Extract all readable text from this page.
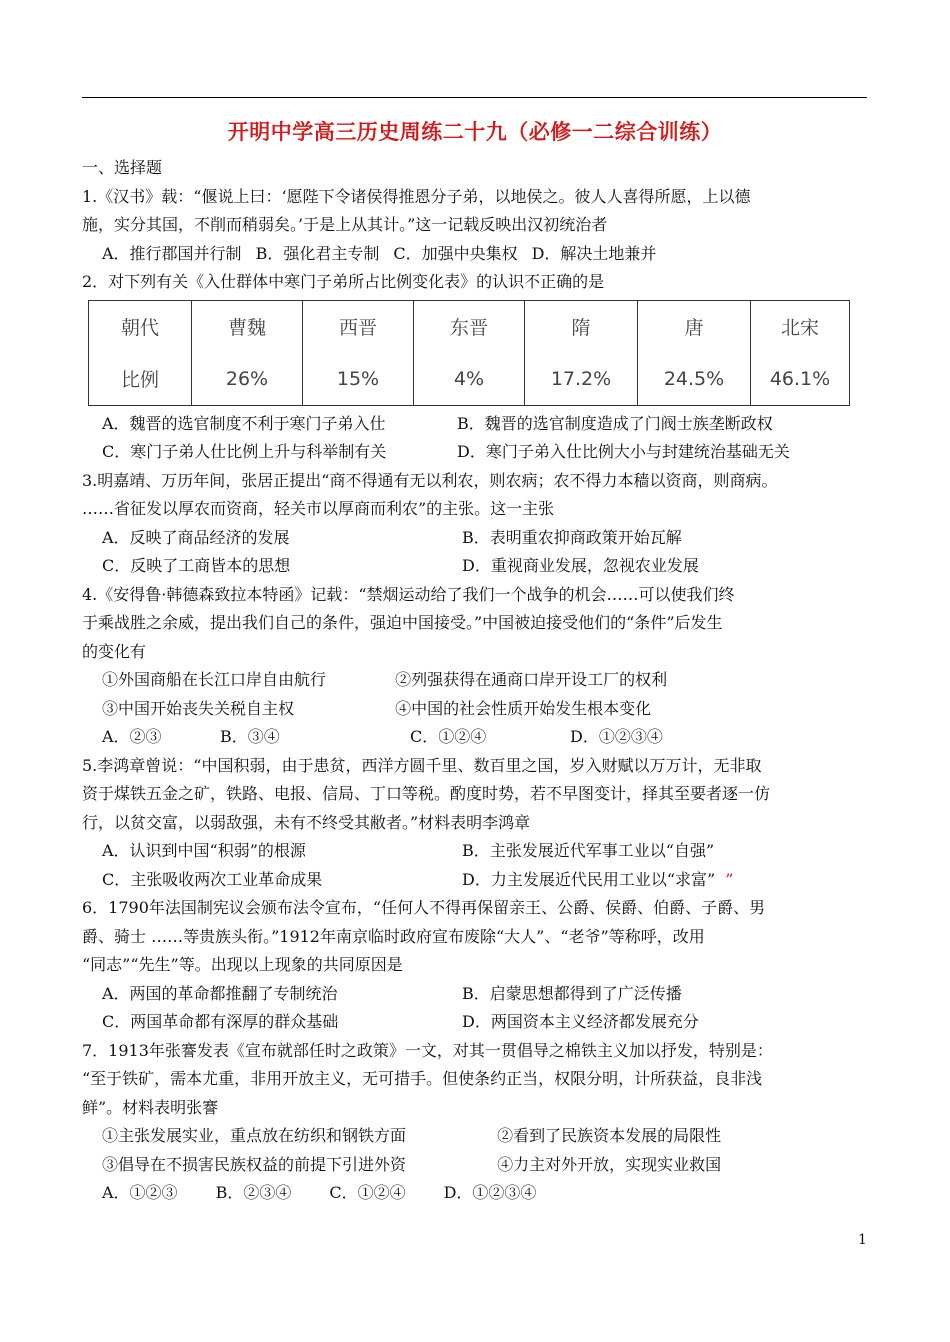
开明中学高三历史周练二十九（必修一二综合训练）
一、选择题
1.《汉书》载：“偃说上曰：‘愿陛下令诸侯得推恩分子弟，以地侯之。彼人人喜得所愿，上以德
施，实分其国，不削而稍弱矣。’于是上从其计。”这一记载反映出汉初统治者
A．推行郡国并行制 B．强化君主专制 C．加强中央集权 D．解决土地兼并
2．对下列有关《入仕群体中寒门子弟所占比例变化表》的认识不正确的是
朝代	曹魏	西晋	东晋	隋	唐	北宋
比例	26%	15%	4%	17.2%	24.5%	46.1%
A．魏晋的选官制度不利于寒门子弟入仕	B．魏晋的选官制度造成了门阀士族垄断政权
C．寒门子弟人仕比例上升与科举制有关	D．寒门子弟入仕比例大小与封建统治基础无关
3.明嘉靖、万历年间，张居正提出“商不得通有无以利农，则农病；农不得力本穑以资商，则商病。
……省征发以厚农而资商，轻关市以厚商而利农”的主张。这一主张
A．反映了商品经济的发展	B．表明重农抑商政策开始瓦解
C．反映了工商皆本的思想	D．重视商业发展，忽视农业发展
4.《安得鲁·韩德森致拉本特函》记载：“禁烟运动给了我们一个战争的机会……可以使我们终
于乘战胜之余威，提出我们自己的条件，强迫中国接受。”中国被迫接受他们的“条件”后发生
的变化有
①外国商船在长江口岸自由航行	②列强获得在通商口岸开设工厂的权利
③中国开始丧失关税自主权	④中国的社会性质开始发生根本变化
A．②③	B．③④	C．①②④	D．①②③④
5.李鸿章曾说：“中国积弱，由于患贫，西洋方圆千里、数百里之国，岁入财赋以万万计，无非取
资于煤铁五金之矿，铁路、电报、信局、丁口等税。酌度时势，若不早图变计，择其至要者逐一仿
行，以贫交富，以弱敌强，未有不终受其敝者。”材料表明李鸿章
A．认识到中国“积弱”的根源	B．主张发展近代军事工业以“自强”
C．主张吸收两次工业革命成果	D．力主发展近代民用工业以“求富” ”
6．1790年法国制宪议会颁布法令宣布，“任何人不得再保留亲王、公爵、侯爵、伯爵、子爵、男
爵、骑士 ……等贵族头衔。”1912年南京临时政府宣布废除“大人”、“老爷”等称呼，改用
“同志”“先生”等。出现以上现象的共同原因是
A．两国的革命都推翻了专制统治	B．启蒙思想都得到了广泛传播
C．两国革命都有深厚的群众基础	D．两国资本主义经济都发展充分
7．1913年张謇发表《宣布就部任时之政策》一文，对其一贯倡导之棉铁主义加以抒发，特别是：
“至于铁矿，需本尤重，非用开放主义，无可措手。但使条约正当，权限分明，计所获益，良非浅
鲜”。材料表明张謇
①主张发展实业，重点放在纺织和钢铁方面	②看到了民族资本发展的局限性
③倡导在不损害民族权益的前提下引进外资	④力主对外开放，实现实业救国
A．①②③ B．②③④ C．①②④ D．①②③④
1
